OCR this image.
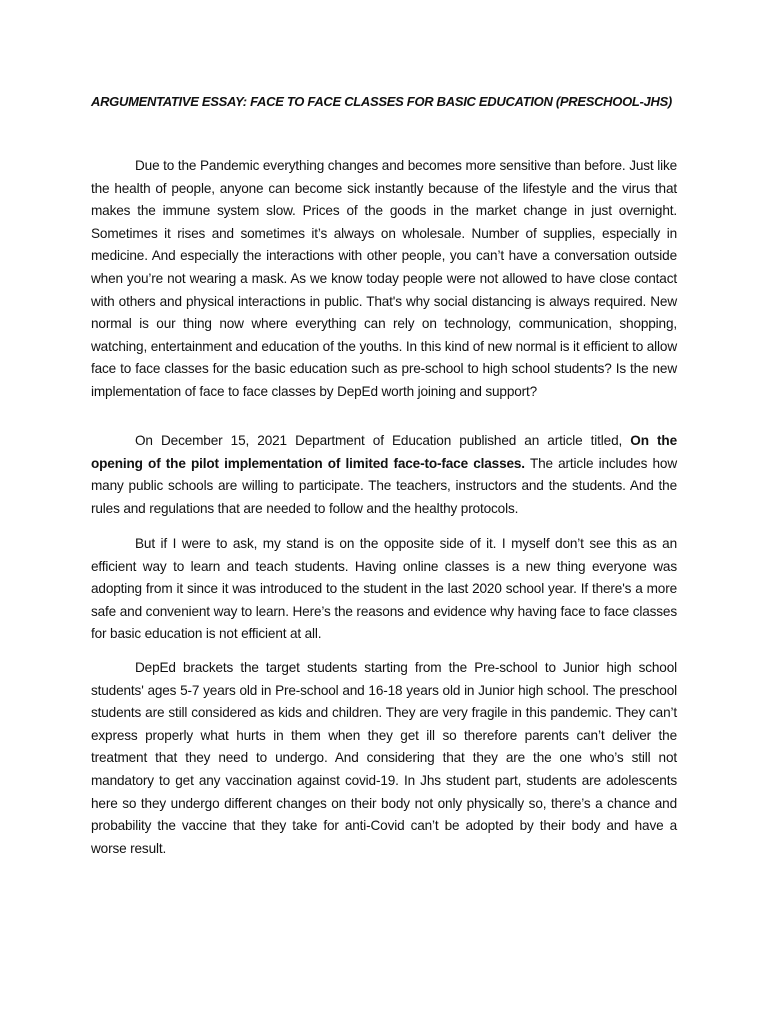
ARGUMENTATIVE ESSAY: FACE TO FACE CLASSES FOR BASIC EDUCATION (PRESCHOOL-JHS)

Due to the Pandemic everything changes and becomes more sensitive than before. Just like the health of people, anyone can become sick instantly because of the lifestyle and the virus that makes the immune system slow. Prices of the goods in the market change in just overnight. Sometimes it rises and sometimes it’s always on wholesale. Number of supplies, especially in medicine. And especially the interactions with other people, you can’t have a conversation outside when you’re not wearing a mask. As we know today people were not allowed to have close contact with others and physical interactions in public. That's why social distancing is always required. New normal is our thing now where everything can rely on technology, communication, shopping, watching, entertainment and education of the youths. In this kind of new normal is it efficient to allow face to face classes for the basic education such as pre-school to high school students? Is the new implementation of face to face classes by DepEd worth joining and support?

On December 15, 2021 Department of Education published an article titled, On the opening of the pilot implementation of limited face-to-face classes. The article includes how many public schools are willing to participate. The teachers, instructors and the students. And the rules and regulations that are needed to follow and the healthy protocols.

But if I were to ask, my stand is on the opposite side of it. I myself don’t see this as an efficient way to learn and teach students. Having online classes is a new thing everyone was adopting from it since it was introduced to the student in the last 2020 school year. If there's a more safe and convenient way to learn. Here’s the reasons and evidence why having face to face classes for basic education is not efficient at all.

DepEd brackets the target students starting from the Pre-school to Junior high school students' ages 5-7 years old in Pre-school and 16-18 years old in Junior high school. The preschool students are still considered as kids and children. They are very fragile in this pandemic. They can’t express properly what hurts in them when they get ill so therefore parents can’t deliver the treatment that they need to undergo. And considering that they are the one who’s still not mandatory to get any vaccination against covid-19. In Jhs student part, students are adolescents here so they undergo different changes on their body not only physically so, there’s a chance and probability the vaccine that they take for anti-Covid can’t be adopted by their body and have a worse result.
